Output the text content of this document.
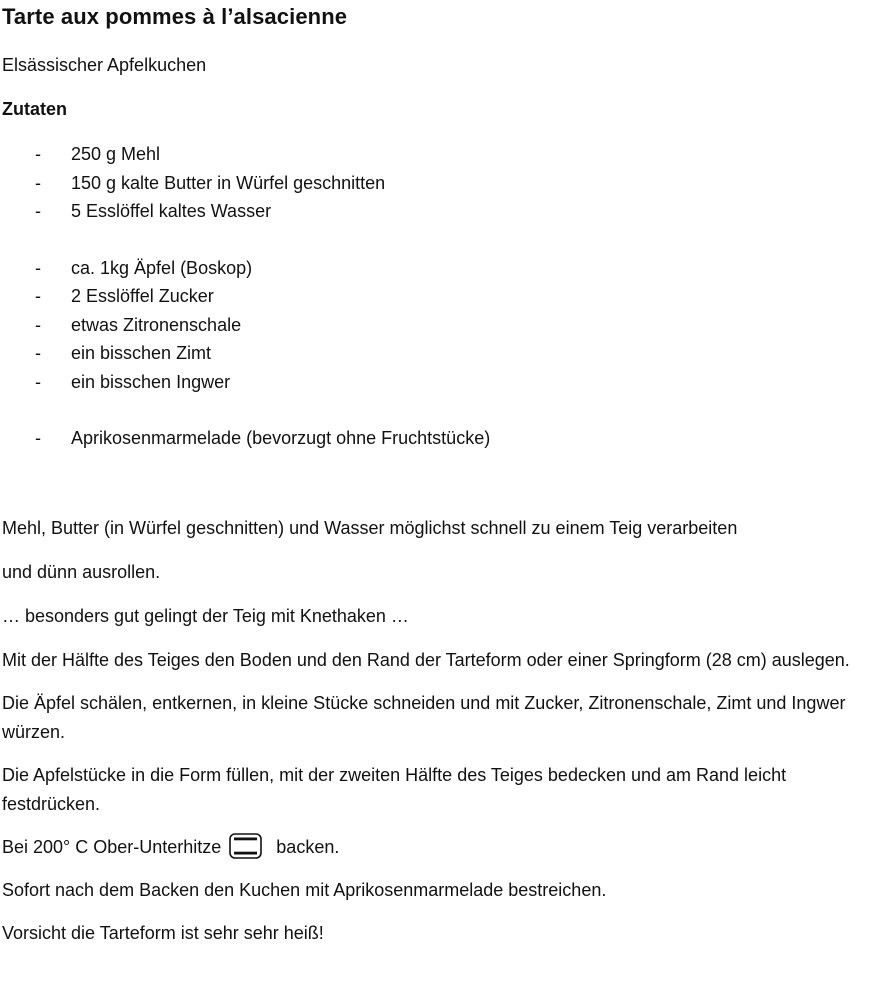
Tarte aux pommes à l’alsacienne
Elsässischer Apfelkuchen
Zutaten
-	250 g Mehl
-	150 g kalte Butter in Würfel geschnitten
-	5 Esslöffel kaltes Wasser
-	ca. 1kg Äpfel (Boskop)
-	2 Esslöffel Zucker
-	etwas Zitronenschale
-	ein bisschen Zimt
-	ein bisschen Ingwer
-	Aprikosenmarmelade (bevorzugt ohne Fruchtstücke)

Mehl, Butter (in Würfel geschnitten) und Wasser möglichst schnell zu einem Teig verarbeiten

und dünn ausrollen.

… besonders gut gelingt der Teig mit Knethaken …

Mit der Hälfte des Teiges den Boden und den Rand der Tarteform oder einer Springform (28 cm) auslegen.

Die Äpfel schälen, entkernen, in kleine Stücke schneiden und mit Zucker, Zitronenschale, Zimt und Ingwer würzen.

Die Apfelstücke in die Form füllen, mit der zweiten Hälfte des Teiges bedecken und am Rand leicht festdrücken.

Bei 200° C Ober-Unterhitze	backen.

Sofort nach dem Backen den Kuchen mit Aprikosenmarmelade bestreichen.

Vorsicht die Tarteform ist sehr sehr heiß!
